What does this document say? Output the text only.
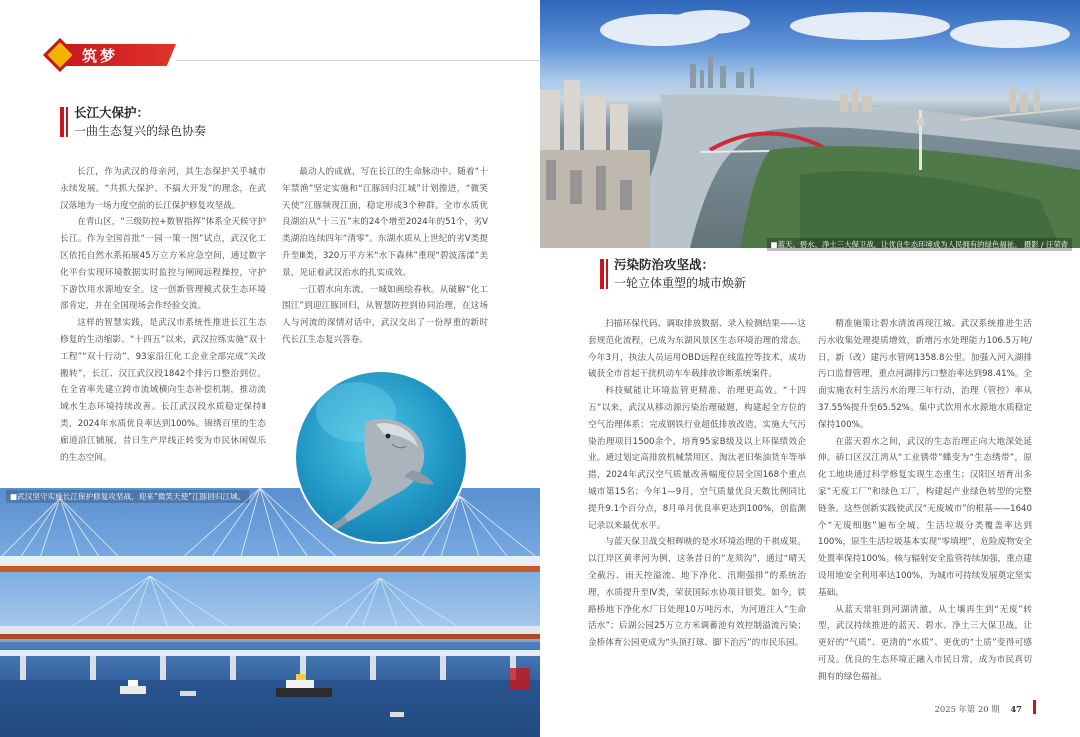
筑梦
长江大保护：
一曲生态复兴的绿色协奏

长江，作为武汉的母亲河，其生态保护关乎城市永续发展。“共抓大保护、不搞大开发”的理念，在武汉落地为一场力度空前的长江保护修复攻坚战。

在青山区，“三级防控+数智指挥”体系全天候守护长江。作为全国首批“一园一策一图”试点，武汉化工区依托自然水系拓展45万立方米应急空间，通过数字化平台实现环境数据实时监控与闸阀远程操控，守护下游饮用水源地安全。这一创新管理模式获生态环境部肯定，并在全国现场会作经验交流。

这样的智慧实践，是武汉市系统性推进长江生态修复的生动缩影。“十四五”以来，武汉拉练实施“双十工程”“双十行动”，93家沿江化工企业全部完成“关改搬转”，长江、汉江武汉段1842个排污口整治到位。在全省率先建立跨市流域横向生态补偿机制，推动流域水生态环境持续改善。长江武汉段水质稳定保持Ⅱ类，2024年水质优良率达到100%。锦绣百里的生态廊道沿江铺展，昔日生产岸线正转变为市民休闲娱乐的生态空间。

最动人的成就，写在长江的生命脉动中。随着“十年禁渔”坚定实施和“江豚回归江城”计划推进，“微笑天使”江豚频现江面，稳定形成3个种群。全市水质优良湖泊从“十三五”末的24个增至2024年的51个，劣Ⅴ类湖泊连续四年“清零”。东湖水质从上世纪的劣Ⅴ类提升至Ⅲ类，320万平方米“水下森林”重现“碧波荡漾”美景，见证着武汉治水的扎实成效。

一江碧水向东流，一城如画绘春秋。从破解“化工围江”到迎江豚回归，从智慧防控到协同治理，在这场人与河流的深情对话中，武汉交出了一份厚重的新时代长江生态复兴答卷。

■武汉坚守实施长江保护修复攻坚战，迎来“微笑天使”江豚回归江城。
■蓝天、碧水、净土三大保卫战，让优良生态环境成为人民拥有的绿色福祉。 摄影 / 汪荣青
污染防治攻坚战：
一轮立体重塑的城市焕新

扫描环保代码、调取排放数据、录入检测结果——这套规范化流程，已成为东湖风景区生态环境治理的常态。今年3月，执法人员运用OBD远程在线监控等技术，成功破获全市首起干扰机动车车载排放诊断系统案件。

科技赋能让环境监管更精准、治理更高效。“十四五”以来，武汉从移动源污染治理破题，构建起全方位的空气治理体系：完成钢铁行业超低排放改造，实施大气污染治理项目1500余个，培育95家B级及以上环保绩效企业。通过划定高排放机械禁用区、淘汰老旧柴油货车等举措，2024年武汉空气质量改善幅度位居全国168个重点城市第15名；今年1—9月，空气质量优良天数比例同比提升9.1个百分点，8月单月优良率更达到100%，创监测记录以来最优水平。

与蓝天保卫战交相辉映的是水环境治理的千祺成果。以江岸区黄孝河为例，这条昔日的“龙须沟”，通过“晴天全截污、雨天控溢流、地下净化、汛期强排”的系统治理，水质提升至Ⅳ类，荣获国际水协项目银奖。如今，铁路桥地下净化水厂日处理10万吨污水，为河道注入“生命活水”；后湖公园25万立方米调蓄池有效控制溢流污染；金桥体育公园更成为“头顶打球、脚下治污”的市民乐园。

精准施策让碧水清流再现江城。武汉系统推进生活污水收集处理提质增效，新增污水处理能力106.5万吨/日，新（改）建污水管网1358.8公里。加强入河入湖排污口监督管理，重点河湖排污口整治率达到98.41%。全面实施农村生活污水治理三年行动，治理（管控）率从37.55%提升至65.52%。集中式饮用水水源地水质稳定保持100%。

在蓝天碧水之间，武汉的生态治理正向大地深处延伸。硚口区汉江湾从“工业锈带”蝶变为“生态绣带”，原化工地块通过科学修复实现生态重生；汉阳区培育出多家“无废工厂”和绿色工厂，构建起产业绿色转型的完整链条。这些创新实践使武汉“无废城市”的根基——1640个“无废细胞”遍布全城，生活垃圾分类覆盖率达到100%，原生生活垃圾基本实现“零填埋”，危险废物安全处置率保持100%。核与辐射安全监管持续加强，重点建设用地安全利用率达100%，为城市可持续发展奠定坚实基础。

从蓝天常驻到河湖清澈，从土壤再生到“无废”转型，武汉持续推进的蓝天、碧水、净土三大保卫战，让更好的“气质”、更清的“水质”、更优的“土质”变得可感可及。优良的生态环境正融入市民日常，成为市民真切拥有的绿色福祉。

2025 年第 20 期 47
